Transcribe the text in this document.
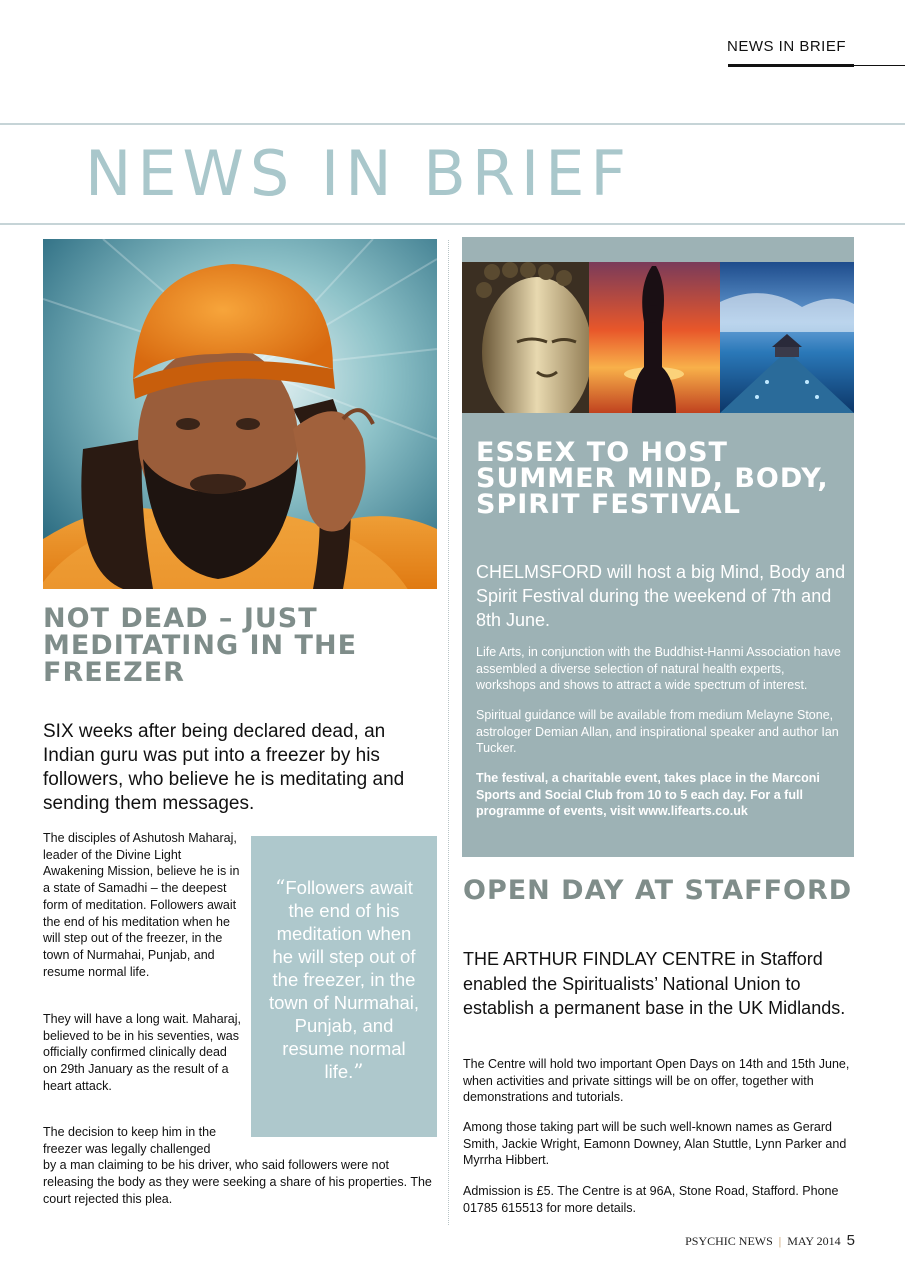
NEWS IN BRIEF
NEWS IN BRIEF
NOT DEAD – JUST MEDITATING IN THE FREEZER

SIX weeks after being declared dead, an Indian guru was put into a freezer by his followers, who believe he is meditating and sending them messages.

The disciples of Ashutosh Maharaj, leader of the Divine Light Awakening Mission, believe he is in a state of Samadhi – the deepest form of meditation. Followers await the end of his meditation when he will step out of the freezer, in the town of Nurmahai, Punjab, and resume normal life.

They will have a long wait. Maharaj, believed to be in his seventies, was officially confirmed clinically dead on 29th January as the result of a heart attack.

The decision to keep him in the freezer was legally challenged
by a man claiming to be his driver, who said followers were not releasing the body as they were seeking a share of his properties. The court rejected this plea.

“Followers await the end of his meditation when he will step out of the freezer, in the town of Nurmahai, Punjab, and resume normal life.”
ESSEX TO HOST SUMMER MIND, BODY, SPIRIT FESTIVAL

CHELMSFORD will host a big Mind, Body and Spirit Festival during the weekend of 7th and 8th June.

Life Arts, in conjunction with the Buddhist-Hanmi Association have assembled a diverse selection of natural health experts, workshops and shows to attract a wide spectrum of interest.

Spiritual guidance will be available from medium Melayne Stone, astrologer Demian Allan, and inspirational speaker and author Ian Tucker.

The festival, a charitable event, takes place in the Marconi Sports and Social Club from 10 to 5 each day. For a full programme of events, visit www.lifearts.co.uk

OPEN DAY AT STAFFORD

THE ARTHUR FINDLAY CENTRE in Stafford enabled the Spiritualists’ National Union to establish a permanent base in the UK Midlands.

The Centre will hold two important Open Days on 14th and 15th June, when activities and private sittings will be on offer, together with demonstrations and tutorials.

Among those taking part will be such well-known names as Gerard Smith, Jackie Wright, Eamonn Downey, Alan Stuttle, Lynn Parker and Myrrha Hibbert.

Admission is £5. The Centre is at 96A, Stone Road, Stafford. Phone 01785 615513 for more details.

PSYCHIC NEWS | MAY 2014 5
